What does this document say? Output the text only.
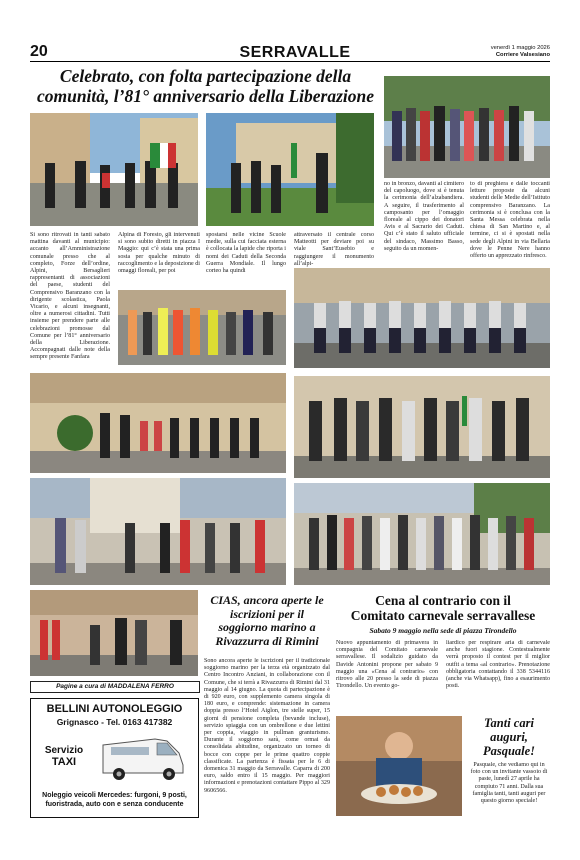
20	SERRAVALLE	venerdì 1 maggio 2026
Corriere Valsesiano
Celebrato, con folta partecipazione della
comunità, l’81° anniversario della Liberazione
Si sono ritrovati in tanti sabato mattina davanti al municipio: accanto all’Amministrazione comunale presso che al completo, Forze dell’ordine, Alpini, Bersaglieri rappresentanti di associazioni del paese, studenti del Comprensivo Baranzano con la dirigente scolastica, Paola Vicario, e alcuni insegnanti, oltre a numerosi cittadini. Tutti insieme per prendere parte alle celebrazioni promosse dal Comune per l’81° anniversario della Liberazione. Accompagnati dalle note della sempre presente Fanfara
Alpina di Foresto, gli intervenuti si sono subito diretti in piazza I Maggio: qui c’è stata una prima sosta per qualche minuto di raccoglimento e la deposizione di omaggi floreali, per poi
spostarsi nelle vicine Scuole medie, sulla cui facciata esterna è collocata la lapide che riporta i nomi dei Caduti della Seconda Guerra Mondiale. Il lungo corteo ha quindi
attraversato il centrale corso Matteotti per deviare poi su viale Sant’Eusebio e raggiungere il monumento all’alpi-
no in bronzo, davanti al cimitero del capoluogo, dove si è tenuta la cerimonia dell’alzabandiera. A seguire, il trasferimento al camposanto per l’omaggio floreale al cippo dei donatori Avis e al Sacrario dei Caduti. Qui c’è stato il saluto ufficiale del sindaco, Massimo Basso, seguito da un momen-
to di preghiera e dalle toccanti letture proposte da alcuni studenti delle Medie dell’Istituto comprensivo Baranzano. La cerimonia si è conclusa con la Santa Messa celebrata nella chiesa di San Martino e, al termine, ci si è spostati nella sede degli Alpini in via Bellaria dove le Penne Nere hanno offerto un apprezzato rinfresco.
Pagine a cura di MADDALENA FERRO
BELLINI AUTONOLEGGIO
Grignasco - Tel. 0163 417382
Servizio
TAXI
Noleggio veicoli Mercedes: furgoni, 9 posti,
fuoristrada, auto con e senza conducente
CIAS, ancora aperte le iscrizioni per il soggiorno marino a Rivazzurra di Rimini
Sono ancora aperte le iscrizioni per il tradizionale soggiorno marino per la terza età organizzato dal Centro Incontro Anziani, in collaborazione con il Comune, che si terrà a Rivazzurra di Rimini dal 31 maggio al 14 giugno. La quota di partecipazione è di 920 euro, con supplemento camera singola di 180 euro, e comprende: sistemazione in camera doppia presso l’Hotel Aiglon, tre stelle super, 15 giorni di pensione completa (bevande incluse), servizio spiaggia con un ombrellone e due lettini per coppia, viaggio in pullman granturismo. Durante il soggiorno sarà, come ormai da consolidata abitudine, organizzato un torneo di bocce con coppe per le prime quattro coppie classificate. La partenza è fissata per le 6 di domenica 31 maggio da Serravalle. Caparra di 200 euro, saldo entro il 15 maggio. Per maggiori informazioni e prenotazioni contattare Pippo al 329 9606566.
Cena al contrario con il
Comitato carnevale serravallese
Sabato 9 maggio nella sede di piazza Tirondello
Nuovo appuntamento di primavera in compagnia del Comitato carnevale serravallese. Il sodalizio guidato da Davide Antonini propone per sabato 9 maggio una «Cena al contrario» con ritrovo alle 20 presso la sede di piazza Tirondello. Un evento go-
liardico per respirare aria di carnevale anche fuori stagione. Contestualmente verrà proposto il contest per il miglior outfit a tema «al contrario». Prenotazione obbligatoria contattando il 338 5344116 (anche via Whatsapp), fino a esaurimento posti.
Tanti cari auguri, Pasquale!
Pasquale, che vediamo qui in foto con un invitante vassoio di paste, lunedì 27 aprile ha compiuto 71 anni. Dalla sua famiglia tanti, tanti auguri per questo giorno speciale!
